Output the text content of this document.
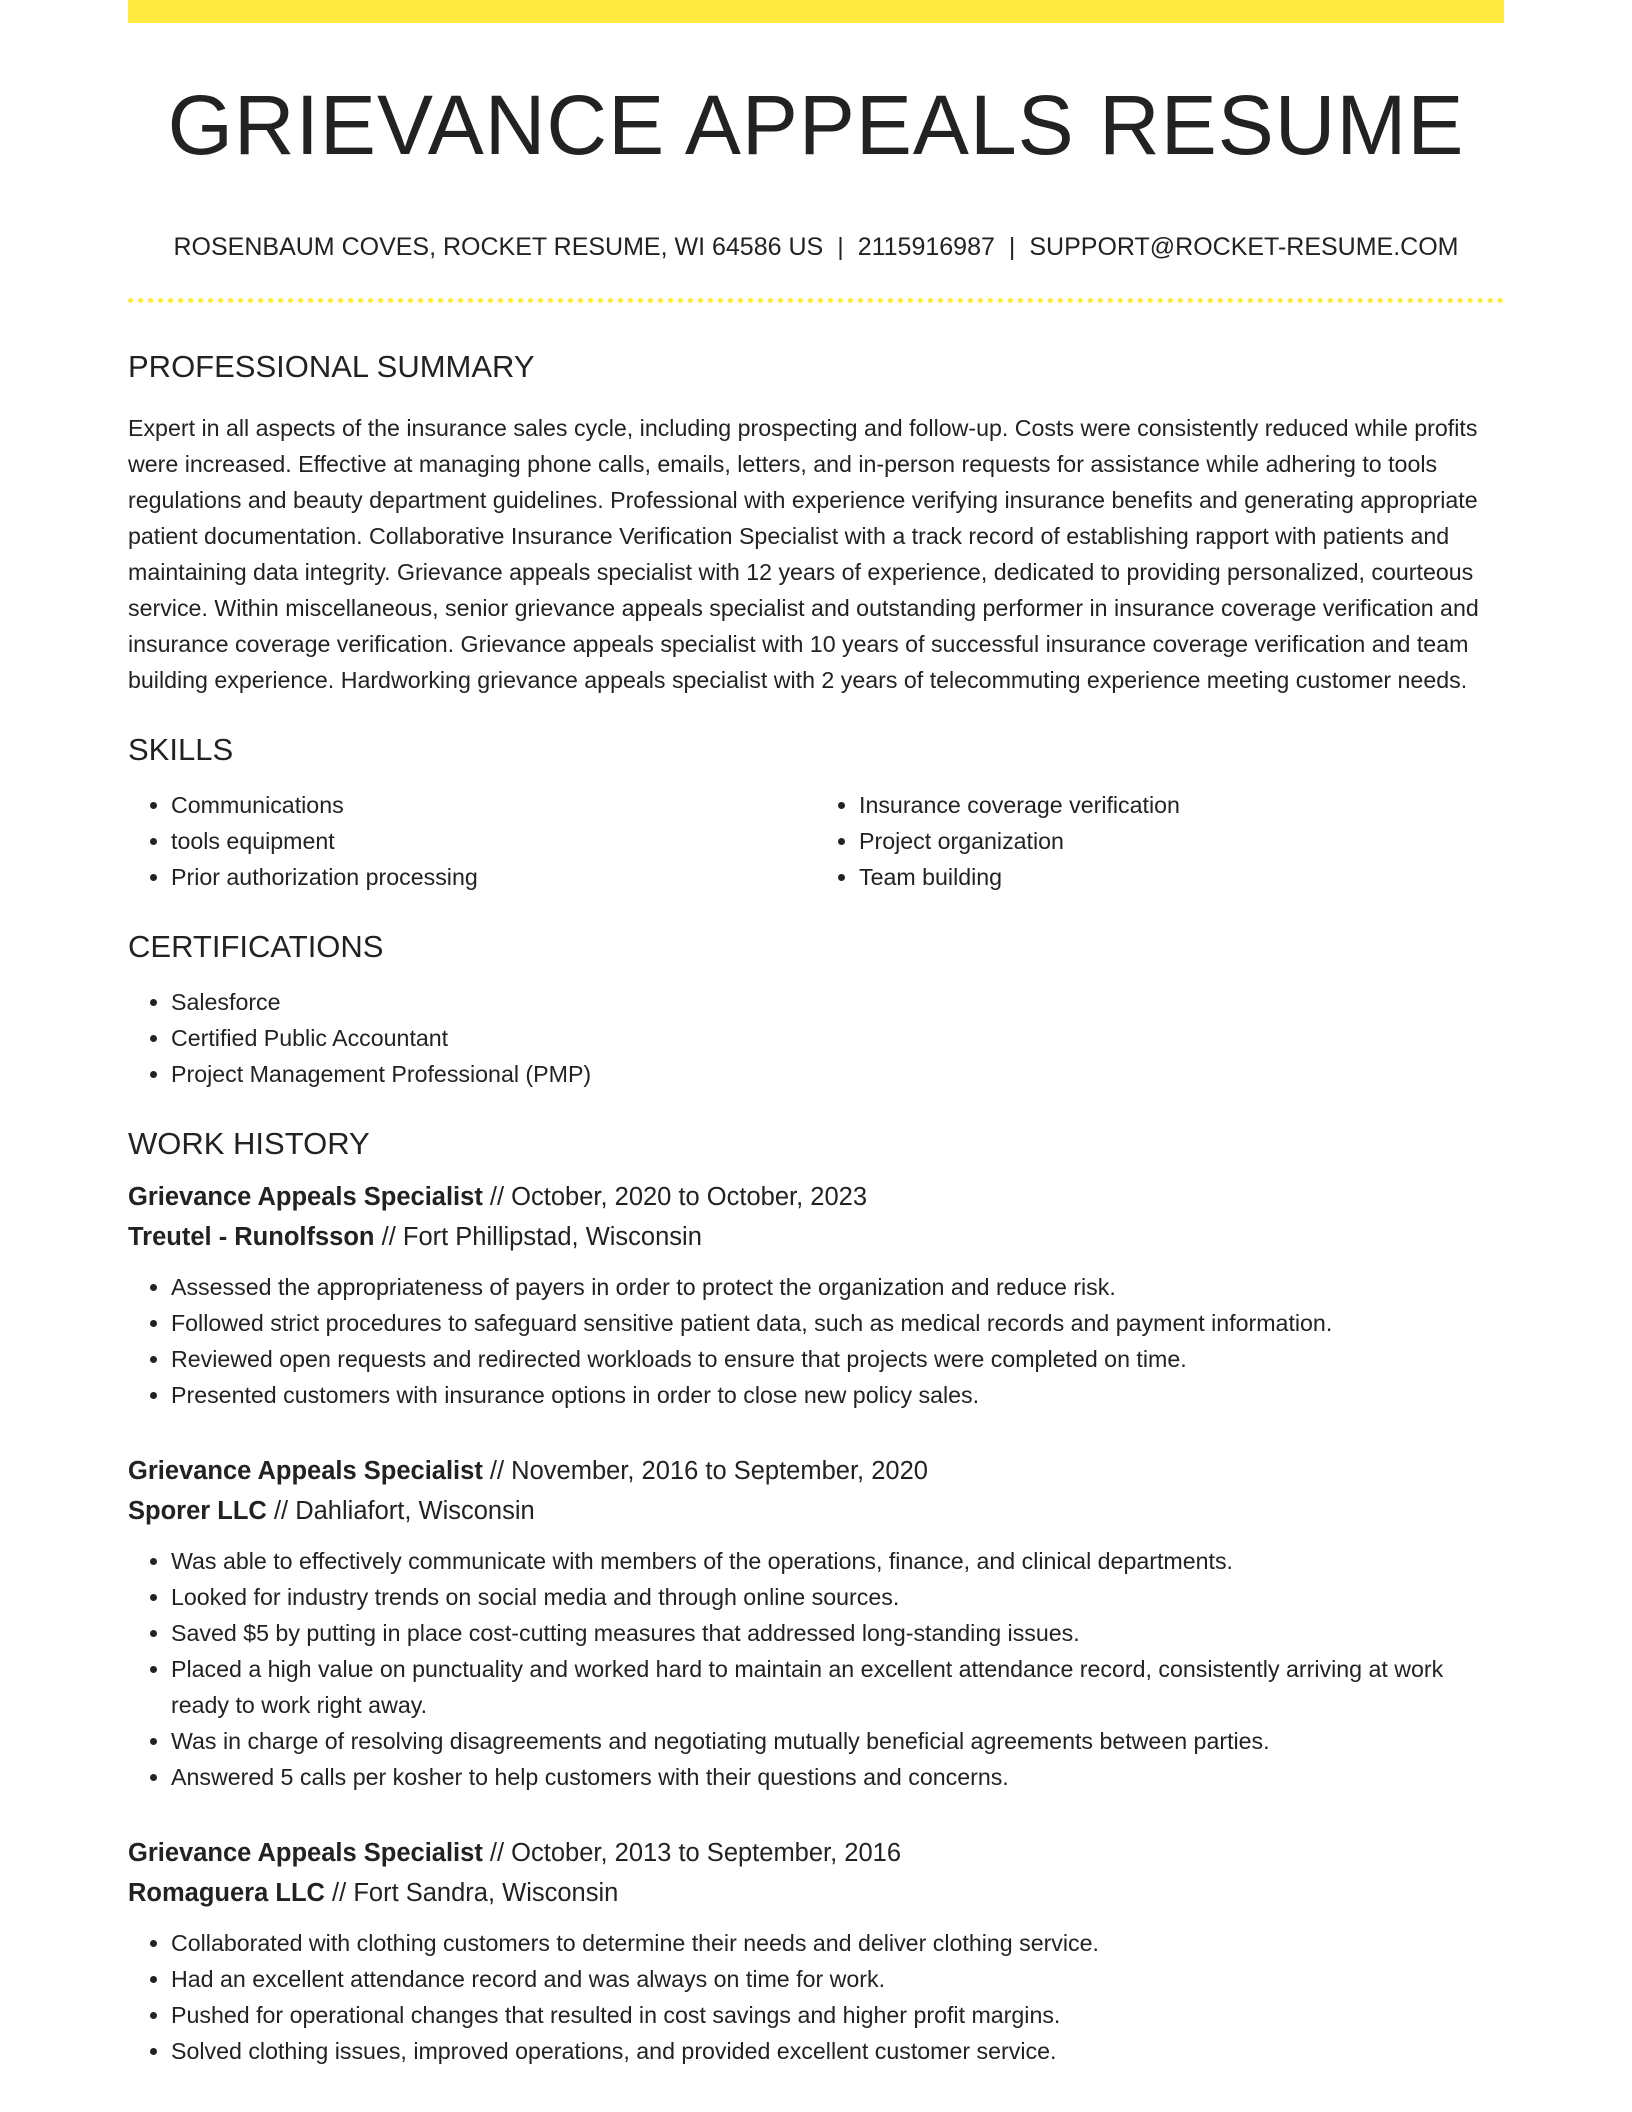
GRIEVANCE APPEALS RESUME
ROSENBAUM COVES, ROCKET RESUME, WI 64586 US | 2115916987 | SUPPORT@ROCKET-RESUME.COM
PROFESSIONAL SUMMARY

Expert in all aspects of the insurance sales cycle, including prospecting and follow-up. Costs were consistently reduced while profits were increased. Effective at managing phone calls, emails, letters, and in-person requests for assistance while adhering to tools regulations and beauty department guidelines. Professional with experience verifying insurance benefits and generating appropriate patient documentation. Collaborative Insurance Verification Specialist with a track record of establishing rapport with patients and maintaining data integrity. Grievance appeals specialist with 12 years of experience, dedicated to providing personalized, courteous service. Within miscellaneous, senior grievance appeals specialist and outstanding performer in insurance coverage verification and insurance coverage verification. Grievance appeals specialist with 10 years of successful insurance coverage verification and team building experience. Hardworking grievance appeals specialist with 2 years of telecommuting experience meeting customer needs.

SKILLS
• Communications
• tools equipment
• Prior authorization processing
• Insurance coverage verification
• Project organization
• Team building
CERTIFICATIONS
• Salesforce
• Certified Public Accountant
• Project Management Professional (PMP)
WORK HISTORY
Grievance Appeals Specialist // October, 2020 to October, 2023
Treutel - Runolfsson // Fort Phillipstad, Wisconsin
• Assessed the appropriateness of payers in order to protect the organization and reduce risk.
• Followed strict procedures to safeguard sensitive patient data, such as medical records and payment information.
• Reviewed open requests and redirected workloads to ensure that projects were completed on time.
• Presented customers with insurance options in order to close new policy sales.
Grievance Appeals Specialist // November, 2016 to September, 2020
Sporer LLC // Dahliafort, Wisconsin
• Was able to effectively communicate with members of the operations, finance, and clinical departments.
• Looked for industry trends on social media and through online sources.
• Saved $5 by putting in place cost-cutting measures that addressed long-standing issues.
• Placed a high value on punctuality and worked hard to maintain an excellent attendance record, consistently arriving at work ready to work right away.
• Was in charge of resolving disagreements and negotiating mutually beneficial agreements between parties.
• Answered 5 calls per kosher to help customers with their questions and concerns.
Grievance Appeals Specialist // October, 2013 to September, 2016
Romaguera LLC // Fort Sandra, Wisconsin
• Collaborated with clothing customers to determine their needs and deliver clothing service.
• Had an excellent attendance record and was always on time for work.
• Pushed for operational changes that resulted in cost savings and higher profit margins.
• Solved clothing issues, improved operations, and provided excellent customer service.
